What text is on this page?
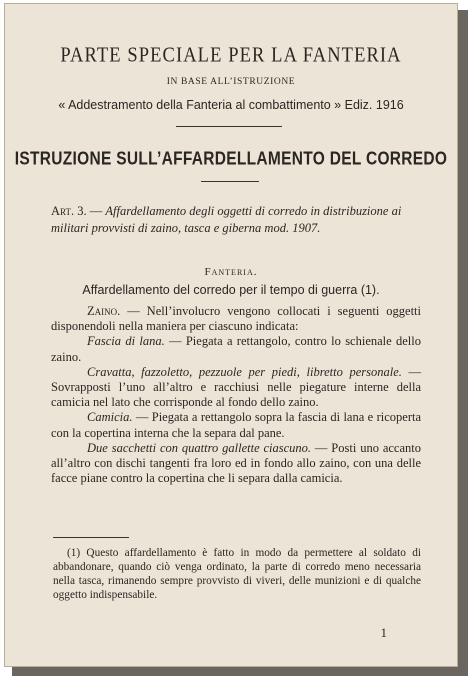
PARTE SPECIALE PER LA FANTERIA
IN BASE ALL’ISTRUZIONE
« Addestramento della Fanteria al combattimento » Ediz. 1916
ISTRUZIONE SULL’AFFARDELLAMENTO DEL CORREDO
Art. 3. — Affardellamento degli oggetti di corredo in distribuzione ai militari provvisti di zaino, tasca e giberna mod. 1907.
Fanteria.
Affardellamento del corredo per il tempo di guerra (1).

Zaino. — Nell’involucro vengono collocati i seguenti oggetti disponendoli nella maniera per ciascuno indicata:

Fascia di lana. — Piegata a rettangolo, contro lo schienale dello zaino.

Cravatta, fazzoletto, pezzuole per piedi, libretto personale. — Sovrapposti l’uno all’altro e racchiusi nelle piegature interne della camicia nel lato che corrisponde al fondo dello zaino.

Camicia. — Piegata a rettangolo sopra la fascia di lana e ricoperta con la copertina interna che la separa dal pane.

Due sacchetti con quattro gallette ciascuno. — Posti uno accanto all’altro con dischi tangenti fra loro ed in fondo allo zaino, con una delle facce piane contro la copertina che li separa dalla camicia.

(1) Questo affardellamento è fatto in modo da permettere al soldato di abbandonare, quando ciò venga ordinato, la parte di corredo meno necessaria nella tasca, rimanendo sempre provvisto di viveri, delle munizioni e di qualche oggetto indispensabile.

1
